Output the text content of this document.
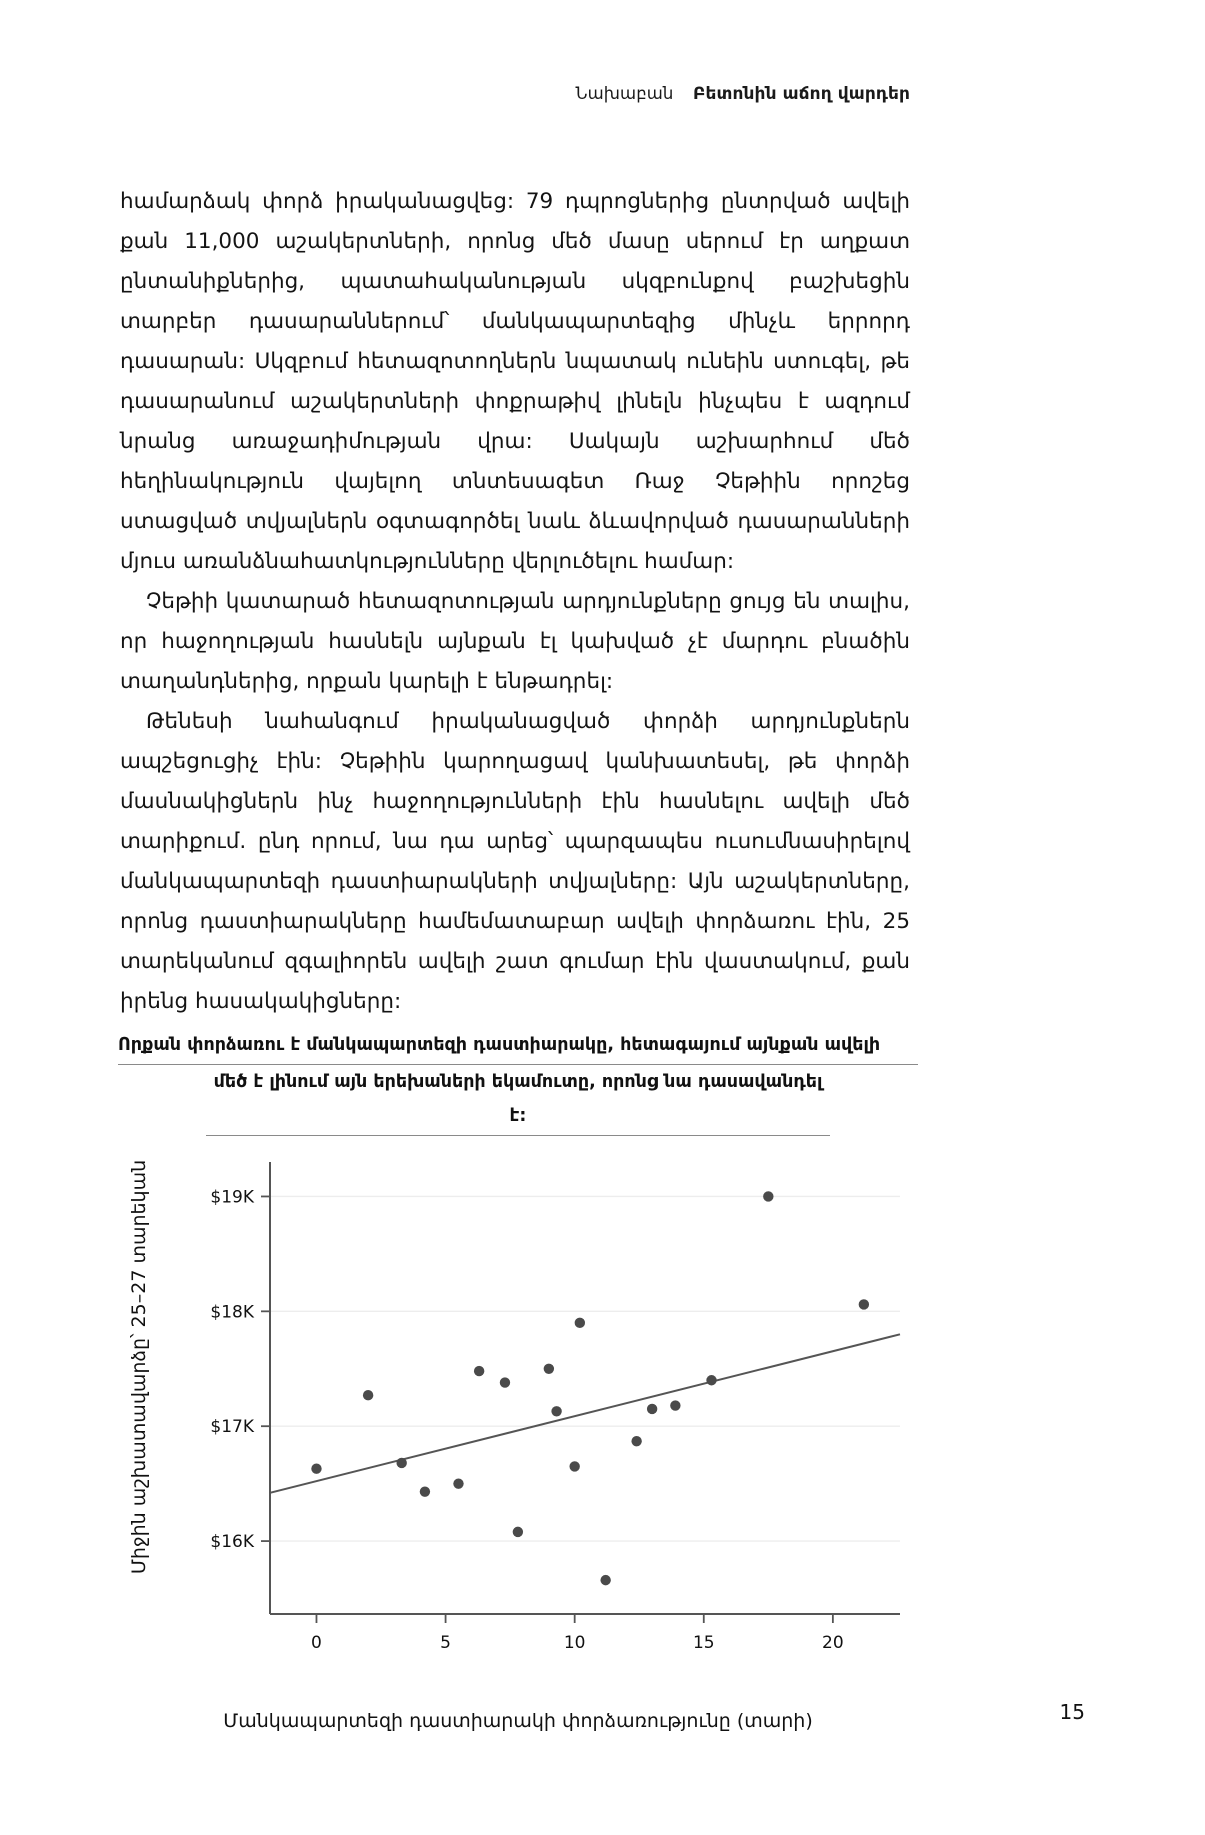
Նախաբան Բետոնին աճող վարդեր

համարձակ փորձ իրականացվեց: 79 դպրոցներից ընտրված ավելի քան 11,000 աշակերտների, որոնց մեծ մասը սերում էր աղքատ ընտանիքներից, պատահականության սկզբունքով բաշխեցին տարբեր դասարաններում՝ մանկապարտեզից մինչև երրորդ դասարան: Սկզբում հետազոտողներն նպատակ ունեին ստուգել, թե դասարանում աշակերտների փոքրաթիվ լինելն ինչպես է ազդում նրանց առաջադիմության վրա: Սակայն աշխարհում մեծ հեղինակություն վայելող տնտեսագետ Ռաջ Չեթիին որոշեց ստացված տվյալներն օգտագործել նաև ձևավորված դասարանների մյուս առանձնահատկությունները վերլուծելու համար:

Չեթիի կատարած հետազոտության արդյունքները ցույց են տալիս, որ հաջողության հասնելն այնքան էլ կախված չէ մարդու բնածին տաղանդներից, որքան կարելի է ենթադրել:

Թենեսի նահանգում իրականացված փորձի արդյունքներն ապշեցուցիչ էին: Չեթիին կարողացավ կանխատեսել, թե փորձի մասնակիցներն ինչ հաջողությունների էին հասնելու ավելի մեծ տարիքում. ընդ որում, նա դա արեց՝ պարզապես ուսումնասիրելով մանկապարտեզի դաստիարակների տվյալները: Այն աշակերտները, որոնց դաստիարակները համեմատաբար ավելի փորձառու էին, 25 տարեկանում զգալիորեն ավելի շատ գումար էին վաստակում, քան իրենց հասակակիցները:

Որքան փորձառու է մանկապարտեզի դաստիարակը, հետագայում այնքան ավելի
մեծ է լինում այն երեխաների եկամուտը, որոնց նա դասավանդել է:
Միջին աշխատավարձը՝ 25–27 տարեկան
Մանկապարտեզի դաստիարակի փորձառությունը (տարի)
$16K
$17K
$18K
$19K
0	5	10	15	20
15
